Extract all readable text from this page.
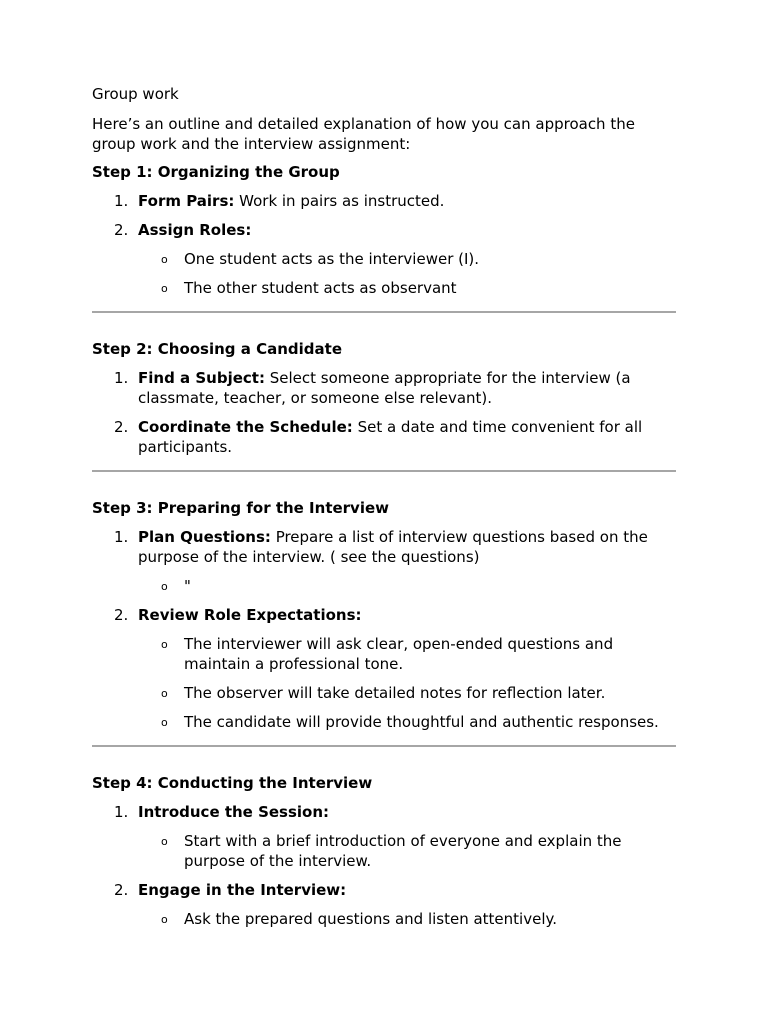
Group work
Here’s an outline and detailed explanation of how you can approach the group work and the interview assignment:
Step 1: Organizing the Group
1. Form Pairs: Work in pairs as instructed.
2. Assign Roles:
o One student acts as the interviewer (I).
o The other student acts as observant
Step 2: Choosing a Candidate
1. Find a Subject: Select someone appropriate for the interview (a classmate, teacher, or someone else relevant).
2. Coordinate the Schedule: Set a date and time convenient for all participants.
Step 3: Preparing for the Interview
1. Plan Questions: Prepare a list of interview questions based on the purpose of the interview. ( see the questions)
o "
2. Review Role Expectations:
o The interviewer will ask clear, open-ended questions and maintain a professional tone.
o The observer will take detailed notes for reflection later.
o The candidate will provide thoughtful and authentic responses.
Step 4: Conducting the Interview
1. Introduce the Session:
o Start with a brief introduction of everyone and explain the purpose of the interview.
2. Engage in the Interview:
o Ask the prepared questions and listen attentively.
